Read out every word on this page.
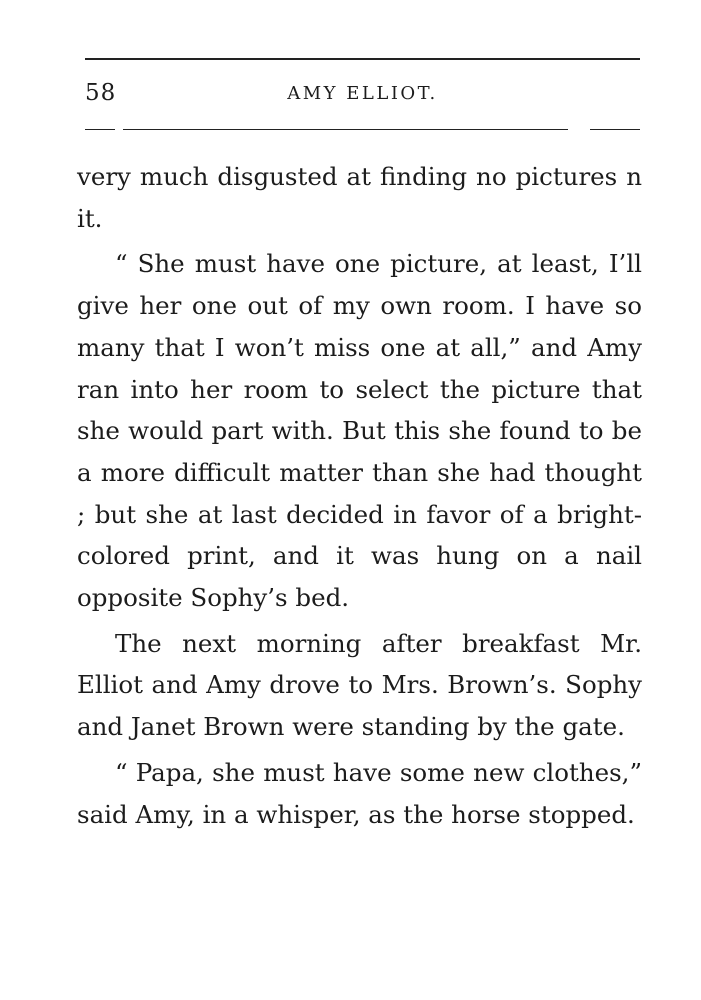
58	AMY ELLIOT.

very much disgusted at finding no pictures n it.

“ She must have one picture, at least, I’ll give her one out of my own room. I have so many that I won’t miss one at all,” and Amy ran into her room to select the picture that she would part with. But this she found to be a more difficult matter than she had thought ; but she at last decided in favor of a bright-colored print, and it was hung on a nail opposite Sophy’s bed.

The next morning after breakfast Mr. Elliot and Amy drove to Mrs. Brown’s. Sophy and Janet Brown were standing by the gate.

“ Papa, she must have some new clothes,” said Amy, in a whisper, as the horse stopped.
